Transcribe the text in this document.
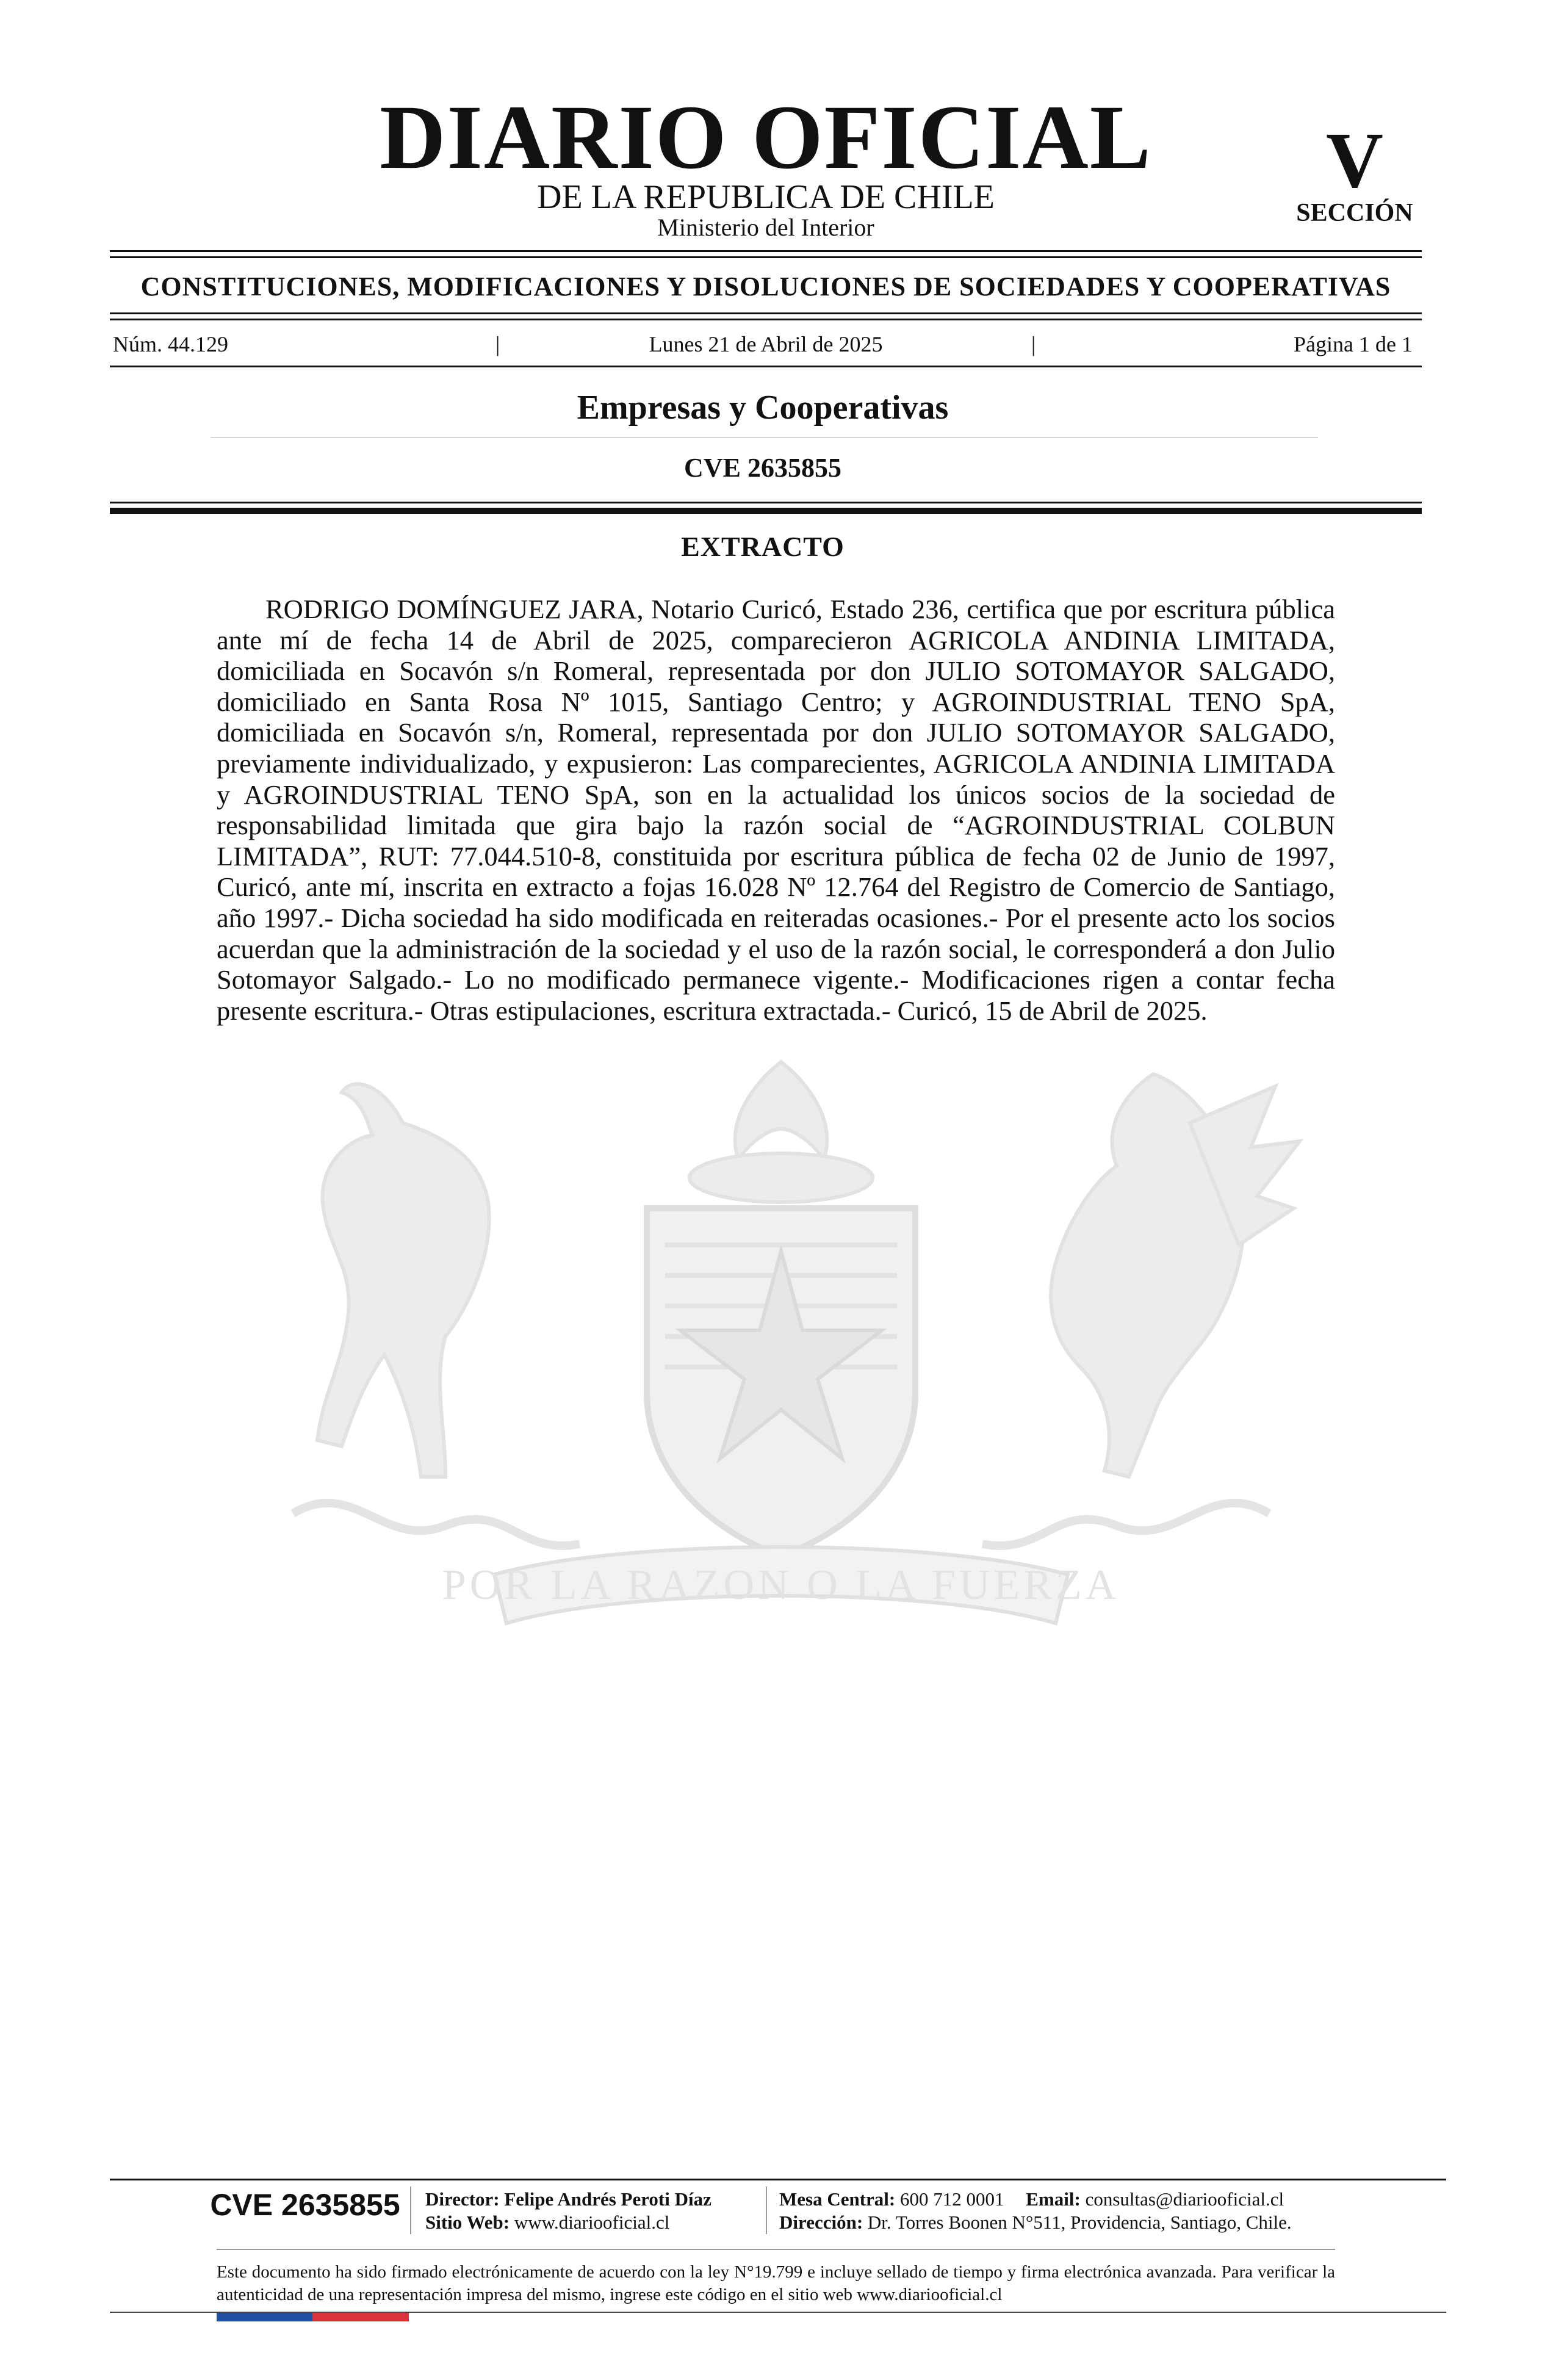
DIARIO OFICIAL
DE LA REPUBLICA DE CHILE
Ministerio del Interior
V
SECCIÓN
CONSTITUCIONES, MODIFICACIONES Y DISOLUCIONES DE SOCIEDADES Y COOPERATIVAS
Núm. 44.129	|	Lunes 21 de Abril de 2025	|	Página 1 de 1
Empresas y Cooperativas
CVE 2635855
EXTRACTO
POR LA RAZON O LA FUERZA

RODRIGO DOMÍNGUEZ JARA, Notario Curicó, Estado 236, certifica que por escritura pública ante mí de fecha 14 de Abril de 2025, comparecieron AGRICOLA ANDINIA LIMITADA, domiciliada en Socavón s/n Romeral, representada por don JULIO SOTOMAYOR SALGADO, domiciliado en Santa Rosa Nº 1015, Santiago Centro; y AGROINDUSTRIAL TENO SpA, domiciliada en Socavón s/n, Romeral, representada por don JULIO SOTOMAYOR SALGADO, previamente individualizado, y expusieron: Las comparecientes, AGRICOLA ANDINIA LIMITADA y AGROINDUSTRIAL TENO SpA, son en la actualidad los únicos socios de la sociedad de responsabilidad limitada que gira bajo la razón social de “AGROINDUSTRIAL COLBUN LIMITADA”, RUT: 77.044.510-8, constituida por escritura pública de fecha 02 de Junio de 1997, Curicó, ante mí, inscrita en extracto a fojas 16.028 Nº 12.764 del Registro de Comercio de Santiago, año 1997.- Dicha sociedad ha sido modificada en reiteradas ocasiones.- Por el presente acto los socios acuerdan que la administración de la sociedad y el uso de la razón social, le corresponderá a don Julio Sotomayor Salgado.- Lo no modificado permanece vigente.- Modificaciones rigen a contar fecha presente escritura.- Otras estipulaciones, escritura extractada.- Curicó, 15 de Abril de 2025.

CVE 2635855	Director: Felipe Andrés Peroti Díaz
Sitio Web: www.diariooficial.cl
Mesa Central: 600 712 0001 Email: consultas@diariooficial.cl
Dirección: Dr. Torres Boonen N°511, Providencia, Santiago, Chile.

Este documento ha sido firmado electrónicamente de acuerdo con la ley N°19.799 e incluye sellado de tiempo y firma electrónica avanzada. Para verificar la autenticidad de una representación impresa del mismo, ingrese este código en el sitio web www.diariooficial.cl
